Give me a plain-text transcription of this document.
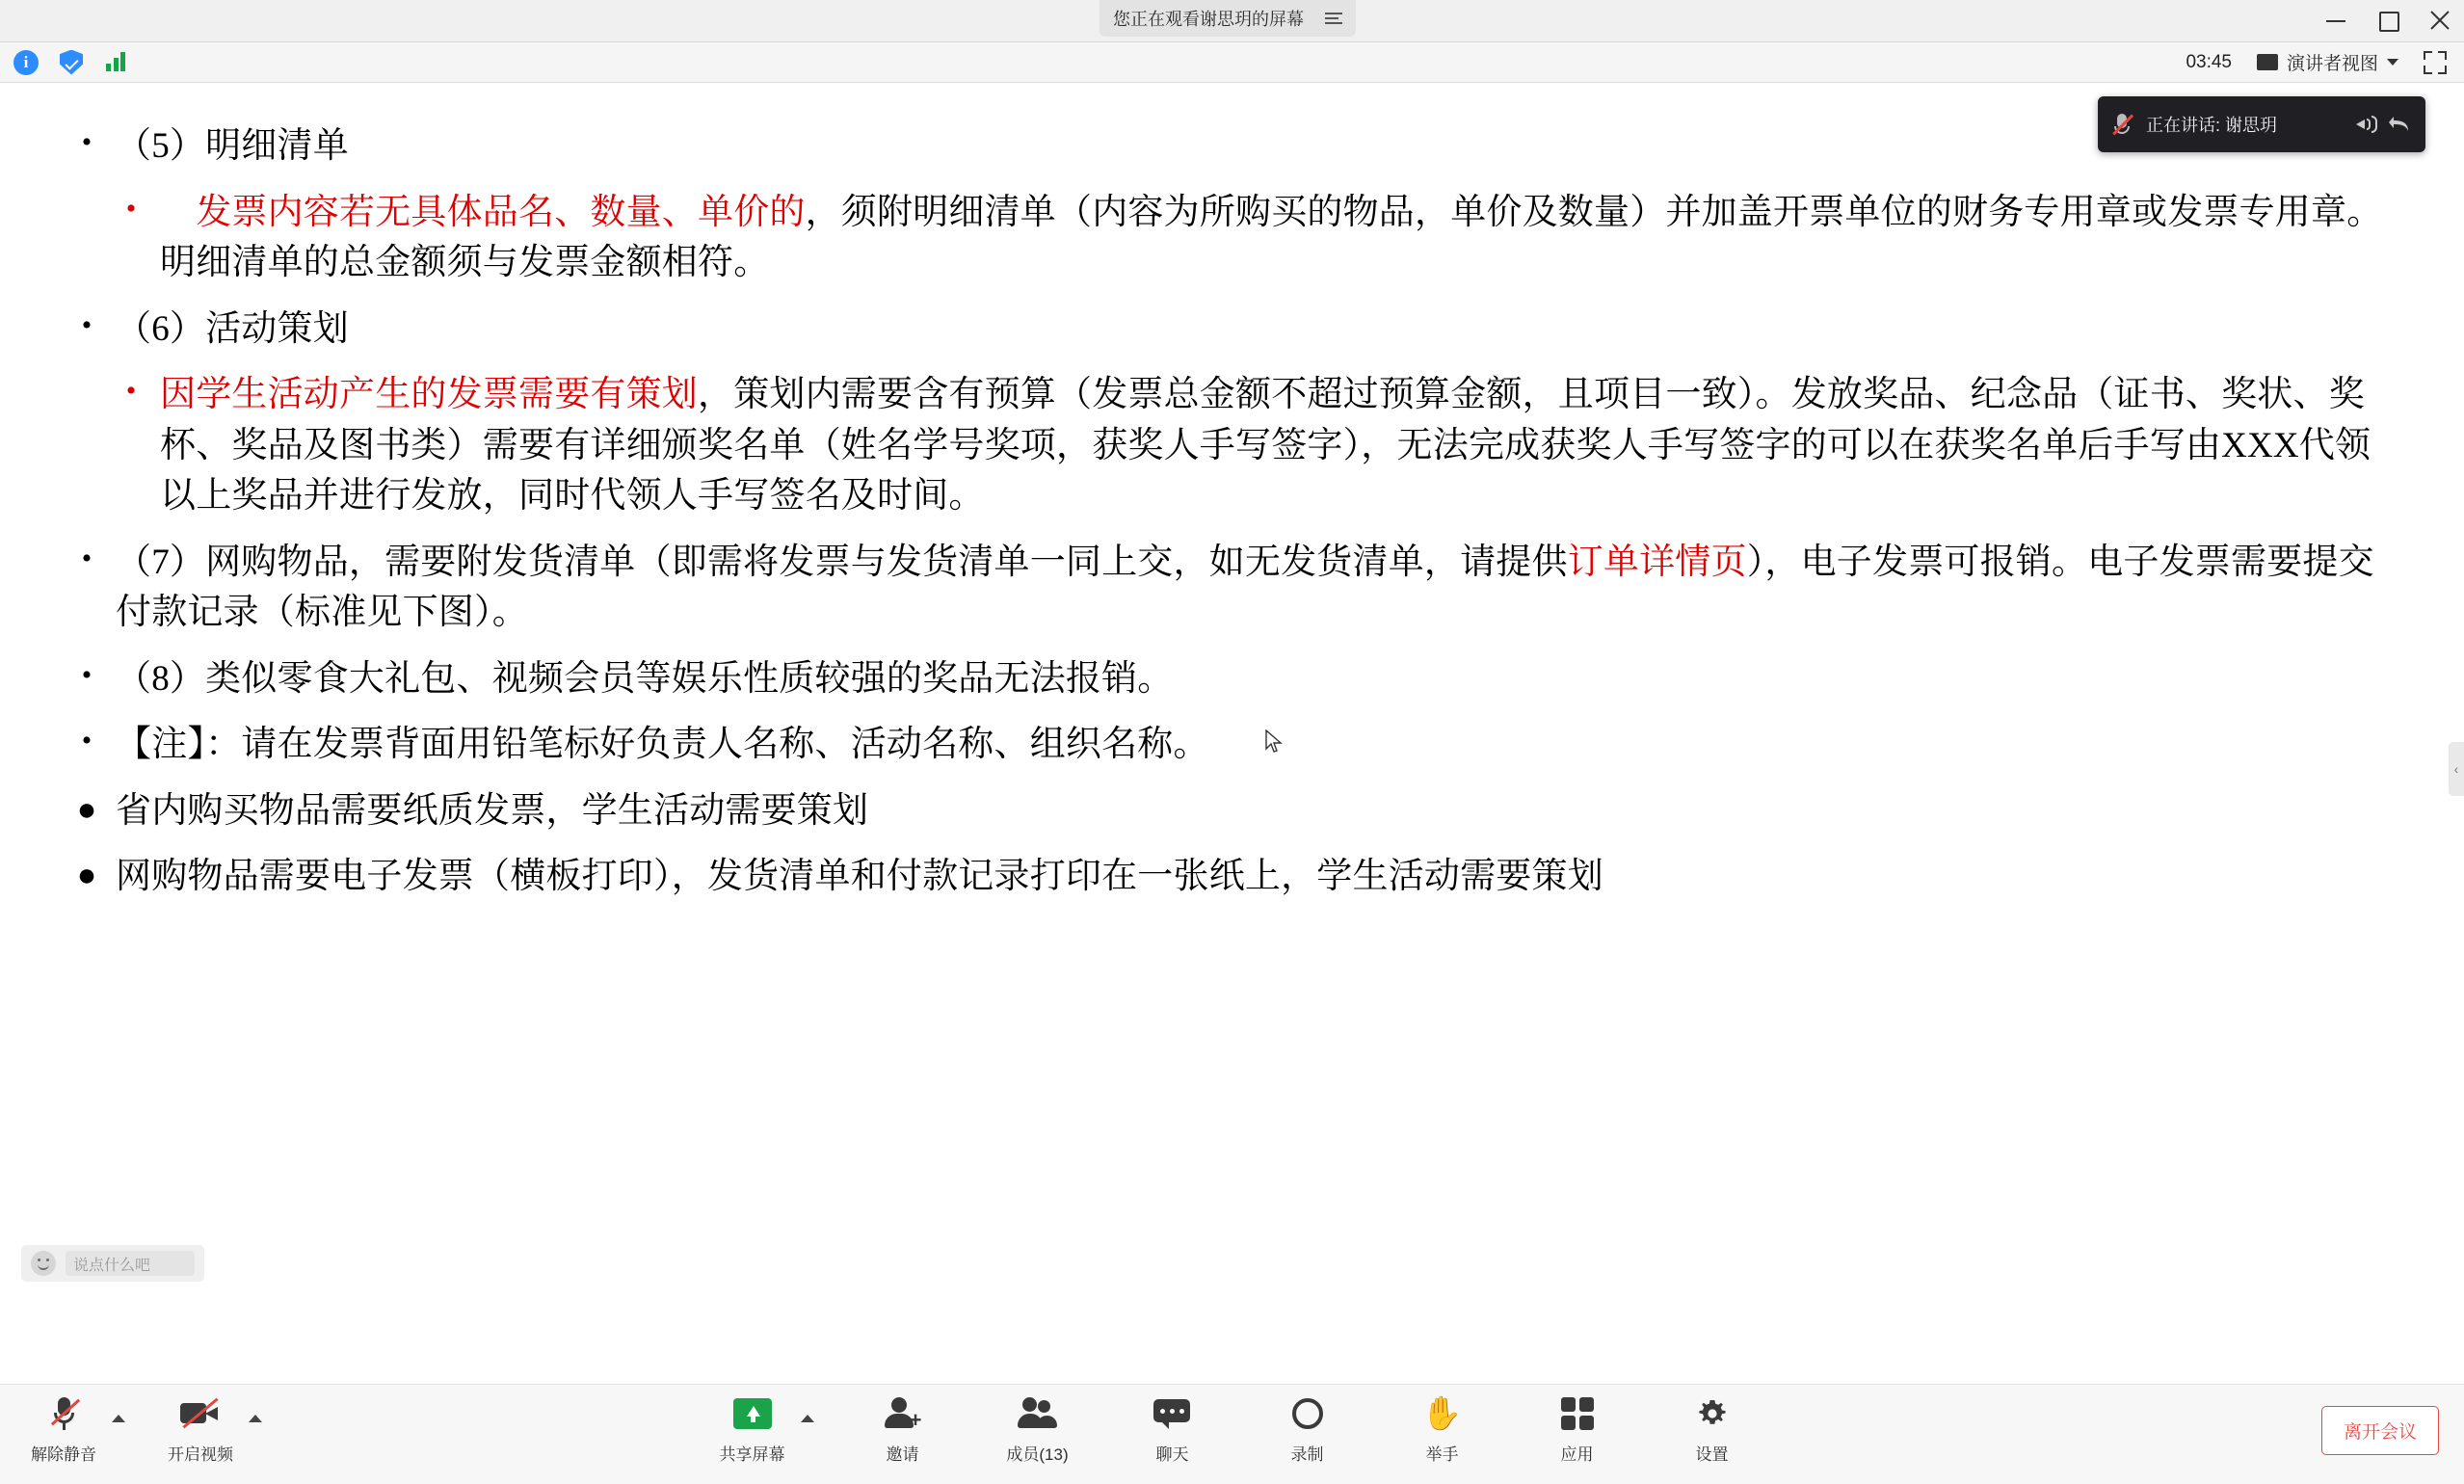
您正在观看谢思玥的屏幕
i	03:45	演讲者视图
• （5）明细清单
• 　发票内容若无具体品名、数量、单价的，须附明细清单（内容为所购买的物品，单价及数量）并加盖开票单位的财务专用章或发票专用章。明细清单的总金额须与发票金额相符。
• （6）活动策划
• 因学生活动产生的发票需要有策划，策划内需要含有预算（发票总金额不超过预算金额，且项目一致）。发放奖品、纪念品（证书、奖状、奖杯、奖品及图书类）需要有详细颁奖名单（姓名学号奖项，获奖人手写签字），无法完成获奖人手写签字的可以在获奖名单后手写由XXX代领以上奖品并进行发放，同时代领人手写签名及时间。
• （7）网购物品，需要附发货清单（即需将发票与发货清单一同上交，如无发货清单，请提供订单详情页），电子发票可报销。电子发票需要提交付款记录（标准见下图）。
• （8）类似零食大礼包、视频会员等娱乐性质较强的奖品无法报销。
• 【注】：请在发票背面用铅笔标好负责人名称、活动名称、组织名称。
● 省内购买物品需要纸质发票，学生活动需要策划
● 网购物品需要电子发票（横板打印），发货清单和付款记录打印在一张纸上，学生活动需要策划
正在讲话: 谢思玥
‹
说点什么吧
解除静音	开启视频	共享屏幕
+
邀请	成员(13)	聊天	录制
✋
举手	应用	设置
离开会议
